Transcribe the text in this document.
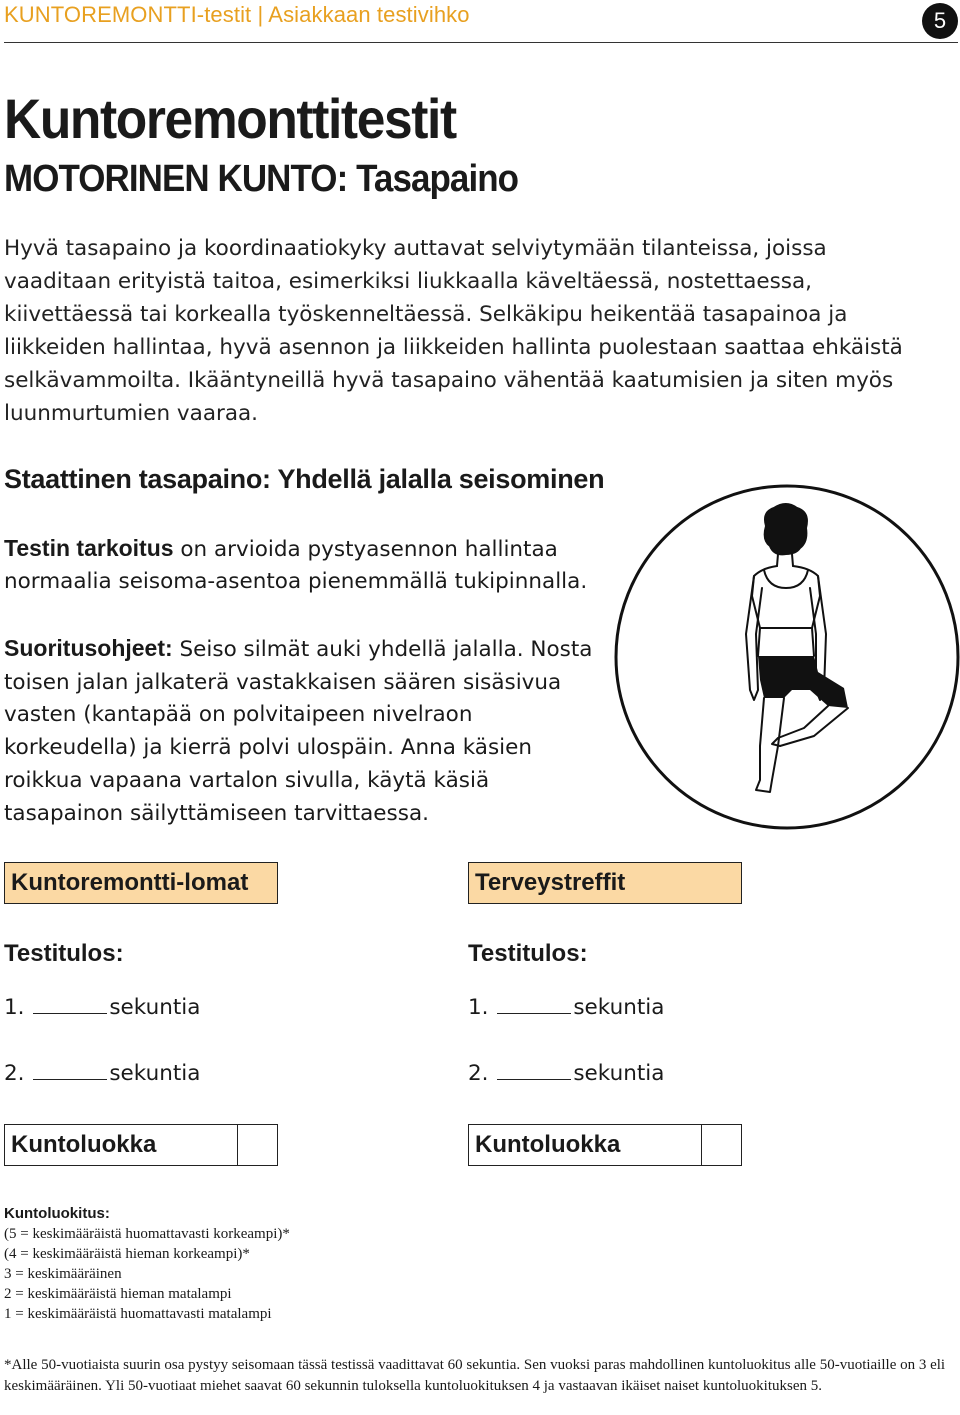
KUNTOREMONTTI-testit | Asiakkaan testivihko	5
Kuntoremonttitestit
MOTORINEN KUNTO: Tasapaino

Hyvä tasapaino ja koordinaatiokyky auttavat selviytymään tilanteissa, joissa vaaditaan erityistä taitoa, esimerkiksi liukkaalla käveltäessä, nostettaessa, kiivettäessä tai korkealla työskenneltäessä. Selkäkipu heikentää tasapainoa ja liikkeiden hallintaa, hyvä asennon ja liikkeiden hallinta puolestaan saattaa ehkäistä selkävammoilta. Ikääntyneillä hyvä tasapaino vähentää kaatumisien ja siten myös luunmurtumien vaaraa.

Staattinen tasapaino: Yhdellä jalalla seisominen

Testin tarkoitus on arvioida pystyasennon hallintaa normaalia seisoma-asentoa pienemmällä tukipinnalla.

Suoritusohjeet: Seiso silmät auki yhdellä jalalla. Nosta toisen jalan jalkaterä vastakkaisen säären sisäsivua vasten (kantapää on polvitaipeen nivelraon korkeudella) ja kierrä polvi ulospäin. Anna käsien roikkua vapaana vartalon sivulla, käytä käsiä tasapainon säilyttämiseen tarvittaessa.

Kuntoremontti-lomat
Testitulos:
1.	sekuntia
2.	sekuntia
Kuntoluokka
Terveystreffit
Testitulos:
1.	sekuntia
2.	sekuntia
Kuntoluokka
Kuntoluokitus:
(5 = keskimääräistä huomattavasti korkeampi)*
(4 = keskimääräistä hieman korkeampi)*
3 = keskimääräinen
2 = keskimääräistä hieman matalampi
1 = keskimääräistä huomattavasti matalampi

*Alle 50-vuotiaista suurin osa pystyy seisomaan tässä testissä vaadittavat 60 sekuntia. Sen vuoksi paras mahdollinen kuntoluokitus alle 50-vuotiaille on 3 eli keskimääräinen. Yli 50-vuotiaat miehet saavat 60 sekunnin tuloksella kuntoluokituksen 4 ja vastaavan ikäiset naiset kuntoluokituksen 5.
